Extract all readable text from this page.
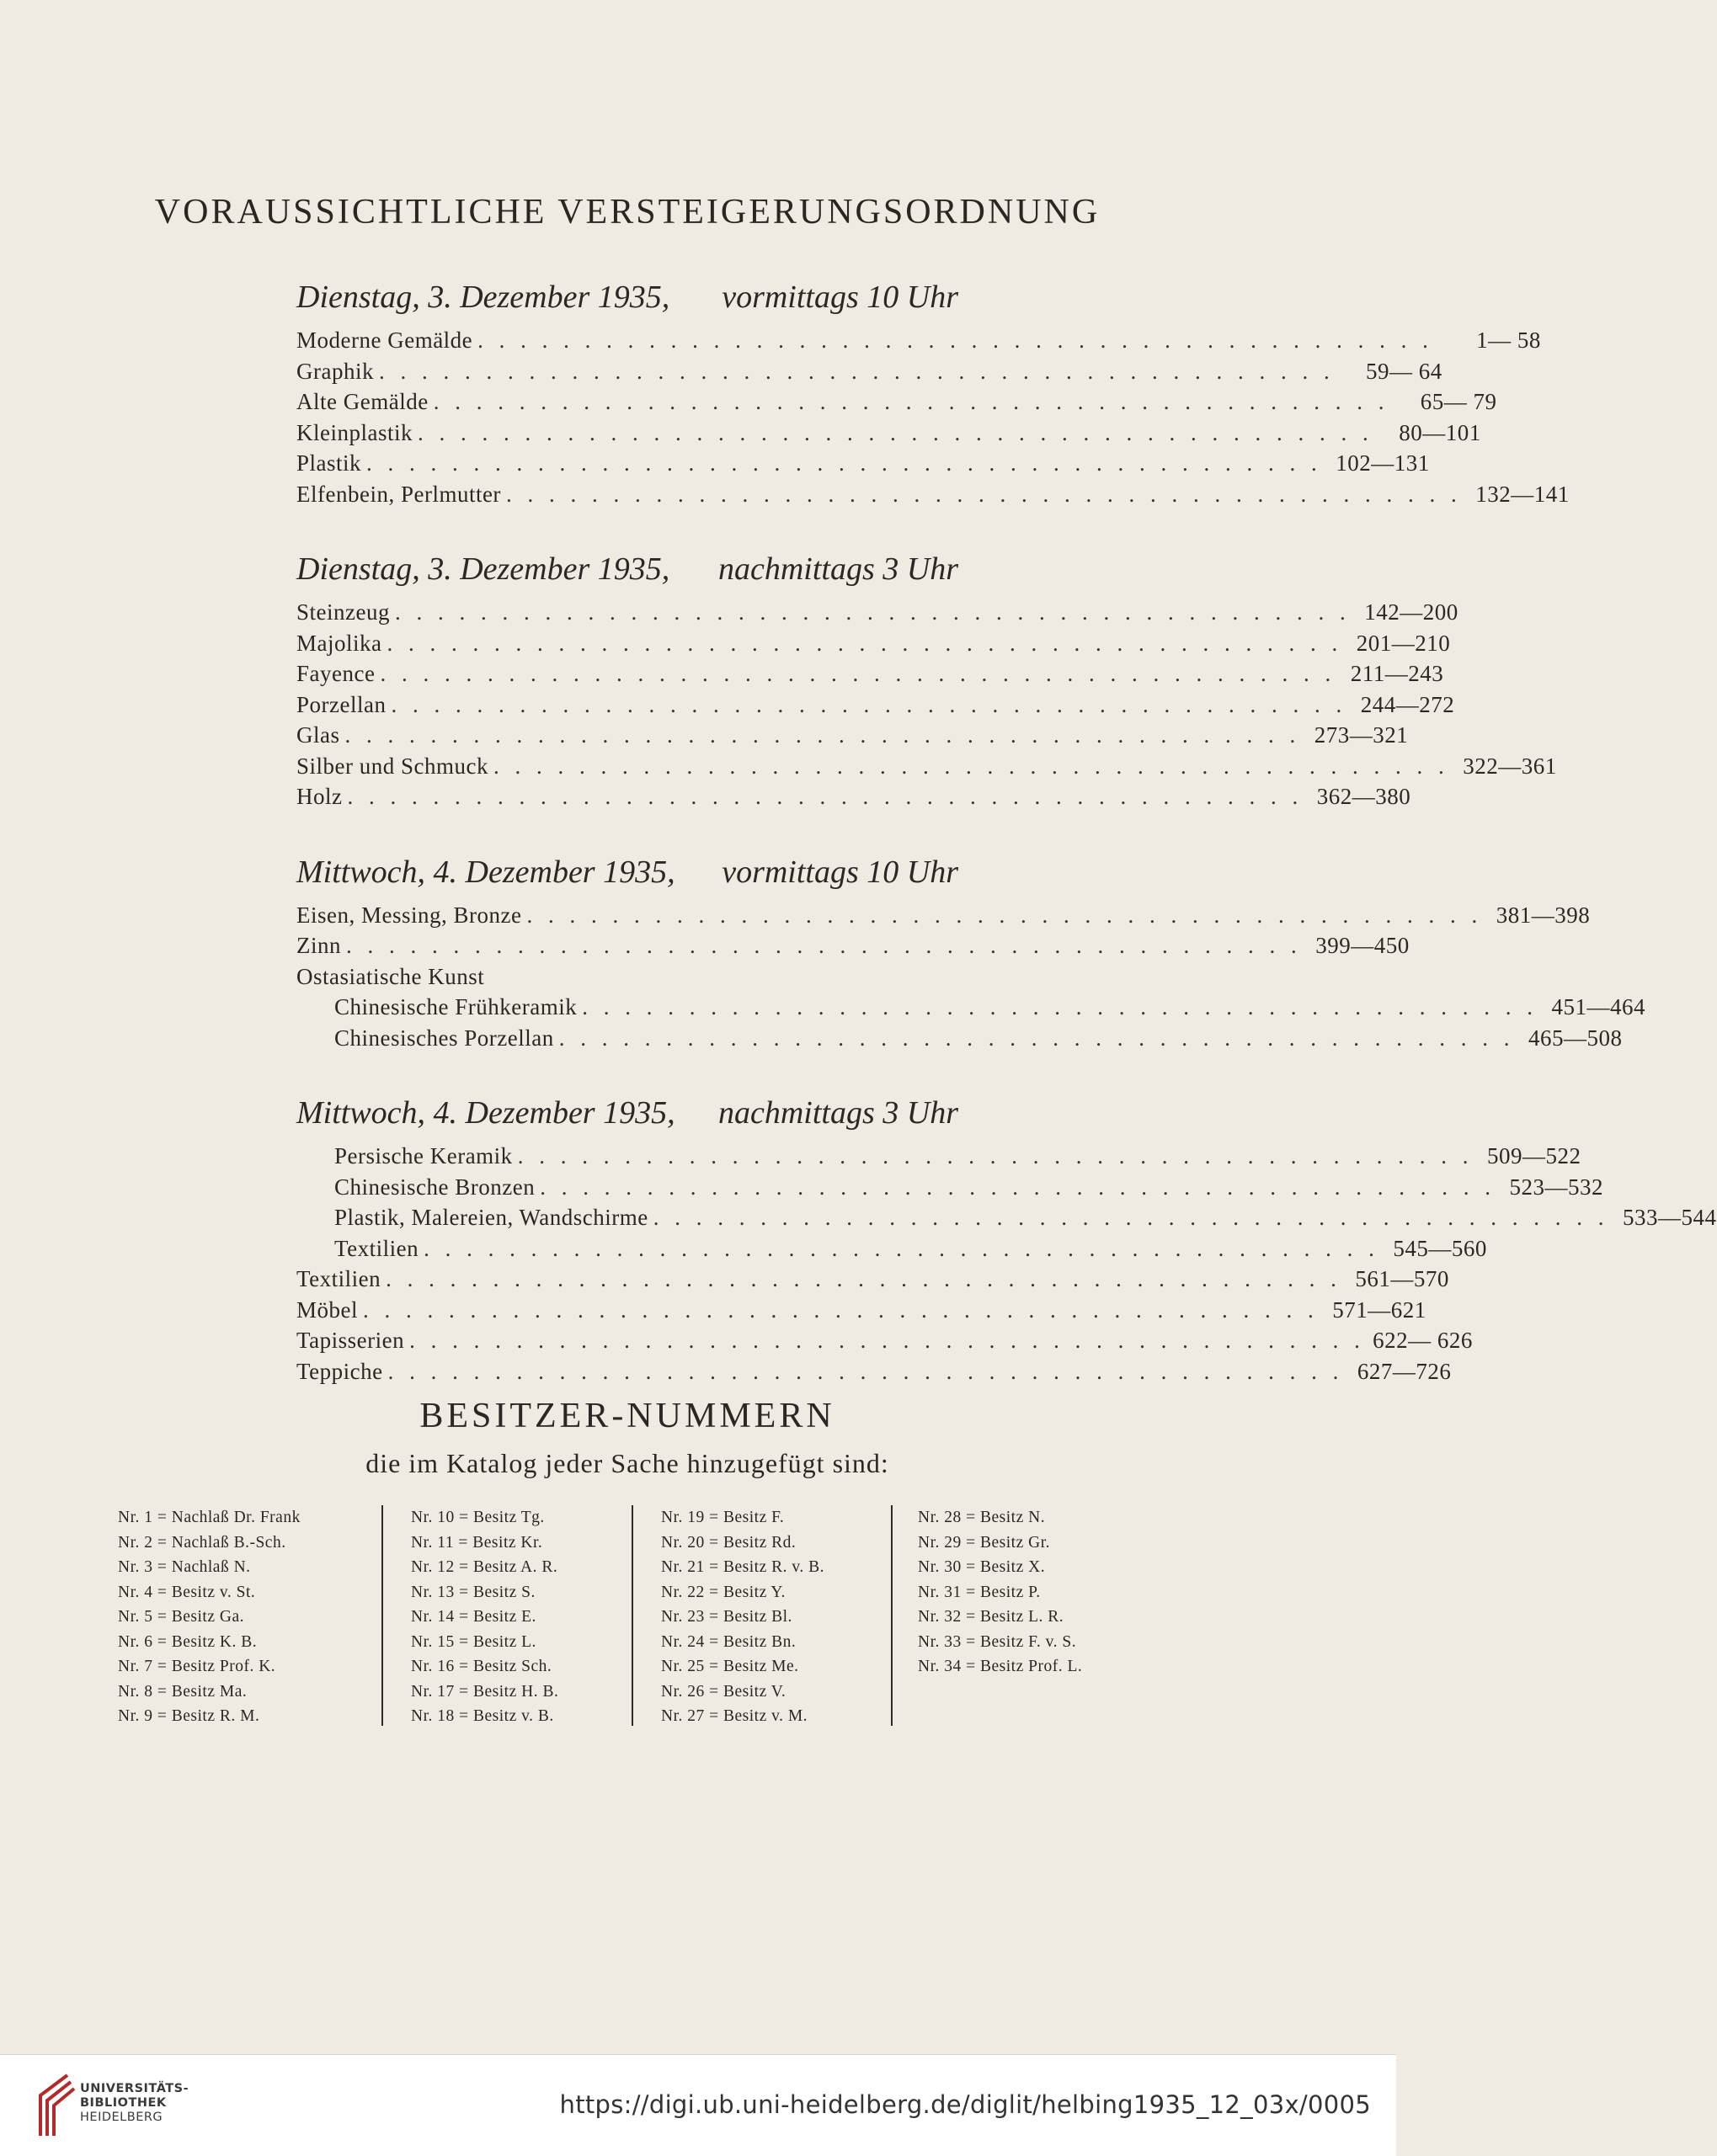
VORAUSSICHTLICHE VERSTEIGERUNGSORDNUNG
Dienstag, 3. Dezember 1935, vormittags 10 Uhr
Moderne Gemälde . . . . . . . . . . . . . . . . . . . . . . . . . . . . . . . . . . . . . . . . . . . . .	1— 58
Graphik . . . . . . . . . . . . . . . . . . . . . . . . . . . . . . . . . . . . . . . . . . . . .	59— 64
Alte Gemälde . . . . . . . . . . . . . . . . . . . . . . . . . . . . . . . . . . . . . . . . . . . . .	65— 79
Kleinplastik . . . . . . . . . . . . . . . . . . . . . . . . . . . . . . . . . . . . . . . . . . . . .	80—101
Plastik . . . . . . . . . . . . . . . . . . . . . . . . . . . . . . . . . . . . . . . . . . . . . 102—131
Elfenbein, Perlmutter . . . . . . . . . . . . . . . . . . . . . . . . . . . . . . . . . . . . . . . . . . . . . 132—141
Dienstag, 3. Dezember 1935, nachmittags 3 Uhr
Steinzeug . . . . . . . . . . . . . . . . . . . . . . . . . . . . . . . . . . . . . . . . . . . . . 142—200
Majolika . . . . . . . . . . . . . . . . . . . . . . . . . . . . . . . . . . . . . . . . . . . . . 201—210
Fayence . . . . . . . . . . . . . . . . . . . . . . . . . . . . . . . . . . . . . . . . . . . . . 211—243
Porzellan . . . . . . . . . . . . . . . . . . . . . . . . . . . . . . . . . . . . . . . . . . . . . 244—272
Glas . . . . . . . . . . . . . . . . . . . . . . . . . . . . . . . . . . . . . . . . . . . . . 273—321
Silber und Schmuck . . . . . . . . . . . . . . . . . . . . . . . . . . . . . . . . . . . . . . . . . . . . . 322—361
Holz . . . . . . . . . . . . . . . . . . . . . . . . . . . . . . . . . . . . . . . . . . . . . 362—380
Mittwoch, 4. Dezember 1935, vormittags 10 Uhr
Eisen, Messing, Bronze . . . . . . . . . . . . . . . . . . . . . . . . . . . . . . . . . . . . . . . . . . . . . 381—398
Zinn . . . . . . . . . . . . . . . . . . . . . . . . . . . . . . . . . . . . . . . . . . . . . 399—450
Ostasiatische Kunst
Chinesische Frühkeramik . . . . . . . . . . . . . . . . . . . . . . . . . . . . . . . . . . . . . . . . . . . . . 451—464
Chinesisches Porzellan . . . . . . . . . . . . . . . . . . . . . . . . . . . . . . . . . . . . . . . . . . . . . 465—508
Mittwoch, 4. Dezember 1935, nachmittags 3 Uhr
Persische Keramik . . . . . . . . . . . . . . . . . . . . . . . . . . . . . . . . . . . . . . . . . . . . . 509—522
Chinesische Bronzen . . . . . . . . . . . . . . . . . . . . . . . . . . . . . . . . . . . . . . . . . . . . . 523—532
Plastik, Malereien, Wandschirme . . . . . . . . . . . . . . . . . . . . . . . . . . . . . . . . . . . . . . . . . . . . . 533—544
Textilien . . . . . . . . . . . . . . . . . . . . . . . . . . . . . . . . . . . . . . . . . . . . . 545—560
Textilien . . . . . . . . . . . . . . . . . . . . . . . . . . . . . . . . . . . . . . . . . . . . . 561—570
Möbel . . . . . . . . . . . . . . . . . . . . . . . . . . . . . . . . . . . . . . . . . . . . . 571—621
Tapisserien . . . . . . . . . . . . . . . . . . . . . . . . . . . . . . . . . . . . . . . . . . . . . 622— 626
Teppiche . . . . . . . . . . . . . . . . . . . . . . . . . . . . . . . . . . . . . . . . . . . . . 627—726
BESITZER-NUMMERN
die im Katalog jeder Sache hinzugefügt sind:
Nr. 1 = Nachlaß Dr. Frank
Nr. 2 = Nachlaß B.-Sch.
Nr. 3 = Nachlaß N.
Nr. 4 = Besitz v. St.
Nr. 5 = Besitz Ga.
Nr. 6 = Besitz K. B.
Nr. 7 = Besitz Prof. K.
Nr. 8 = Besitz Ma.
Nr. 9 = Besitz R. M.
Nr. 10 = Besitz Tg.
Nr. 11 = Besitz Kr.
Nr. 12 = Besitz A. R.
Nr. 13 = Besitz S.
Nr. 14 = Besitz E.
Nr. 15 = Besitz L.
Nr. 16 = Besitz Sch.
Nr. 17 = Besitz H. B.
Nr. 18 = Besitz v. B.
Nr. 19 = Besitz F.
Nr. 20 = Besitz Rd.
Nr. 21 = Besitz R. v. B.
Nr. 22 = Besitz Y.
Nr. 23 = Besitz Bl.
Nr. 24 = Besitz Bn.
Nr. 25 = Besitz Me.
Nr. 26 = Besitz V.
Nr. 27 = Besitz v. M.
Nr. 28 = Besitz N.
Nr. 29 = Besitz Gr.
Nr. 30 = Besitz X.
Nr. 31 = Besitz P.
Nr. 32 = Besitz L. R.
Nr. 33 = Besitz F. v. S.
Nr. 34 = Besitz Prof. L.
UNIVERSITÄTS-
BIBLIOTHEK
HEIDELBERG	https://digi.ub.uni-heidelberg.de/diglit/helbing1935_12_03x/0005
